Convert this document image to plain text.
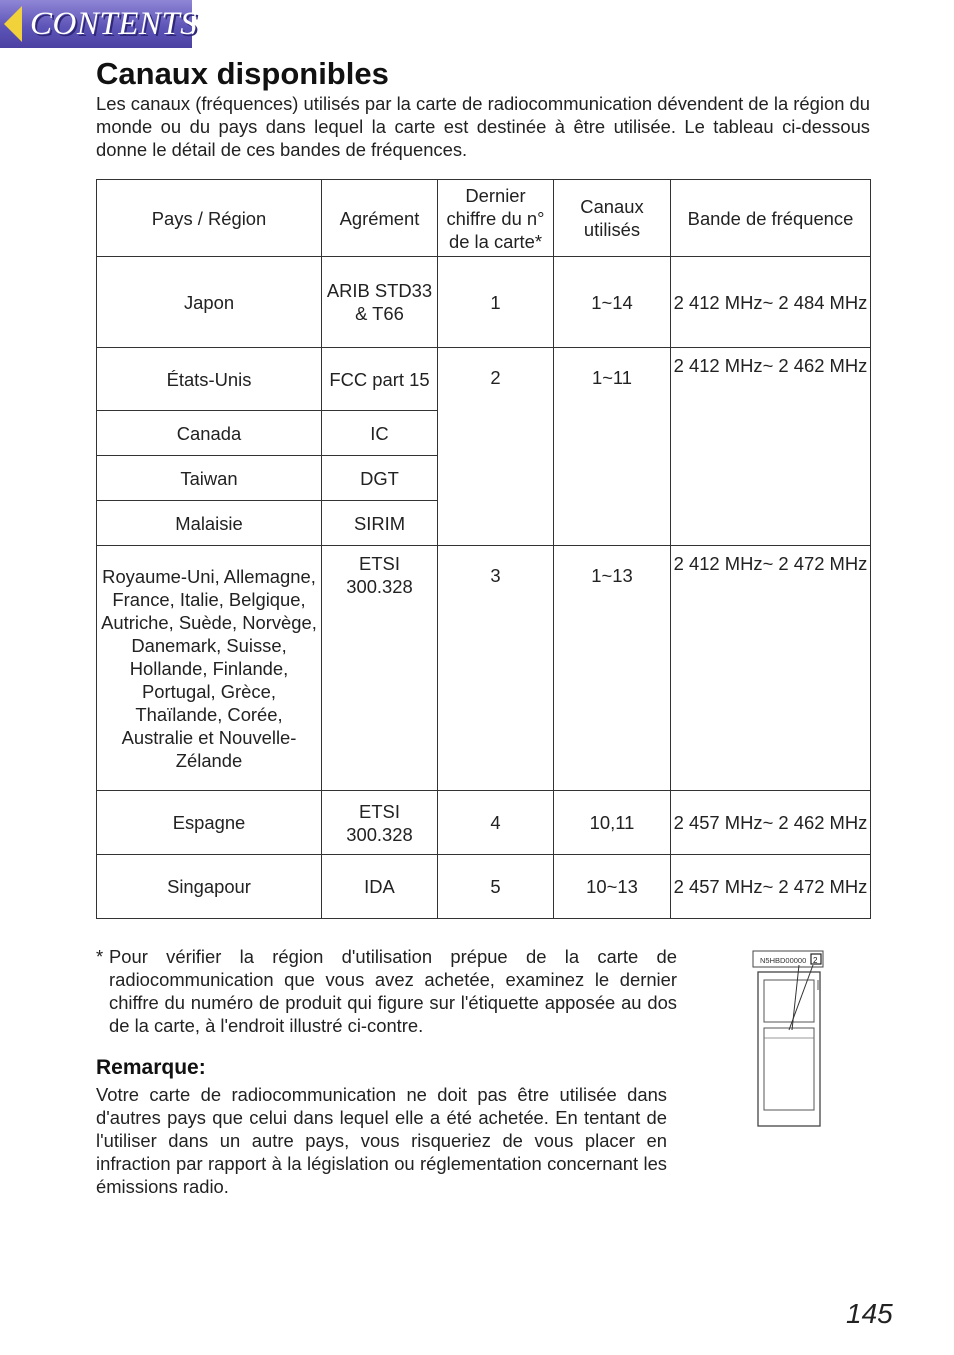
CONTENTS
Canaux disponibles

Les canaux (fréquences) utilisés par la carte de radiocommunication dévendent de la région du monde ou du pays dans lequel la carte est destinée à être utilisée. Le tableau ci-dessous donne le détail de ces bandes de fréquences.

Pays / Région	Agrément	Dernier chiffre du n° de la carte*	Canaux utilisés	Bande de fréquence
Japon	ARIB STD33 & T66	1	1~14	2 412 MHz~ 2 484 MHz
États-Unis	FCC part 15	2	1~11	2 412 MHz~ 2 462 MHz
Canada	IC			
Taiwan	DGT			
Malaisie	SIRIM			
Royaume-Uni, Allemagne, France, Italie, Belgique, Autriche, Suède, Norvège, Danemark, Suisse, Hollande, Finlande, Portugal, Grèce, Thaïlande, Corée, Australie et Nouvelle-Zélande	ETSI 300.328	3	1~13	2 412 MHz~ 2 472 MHz
Espagne	ETSI 300.328	4	10,11	2 457 MHz~ 2 462 MHz
Singapour	IDA	5	10~13	2 457 MHz~ 2 472 MHz
* Pour vérifier la région d'utilisation prépue de la carte de radiocommunication que vous avez achetée, examinez le dernier chiffre du numéro de produit qui figure sur l'étiquette apposée au dos de la carte, à l'endroit illustré ci-contre.

Remarque:

Votre carte de radiocommunication ne doit pas être utilisée dans d'autres pays que celui dans lequel elle a été achetée. En tentant de l'utiliser dans un autre pays, vous risqueriez de vous placer en infraction par rapport à la législation ou réglementation concernant les émissions radio.

N5HBD00000 2
145
